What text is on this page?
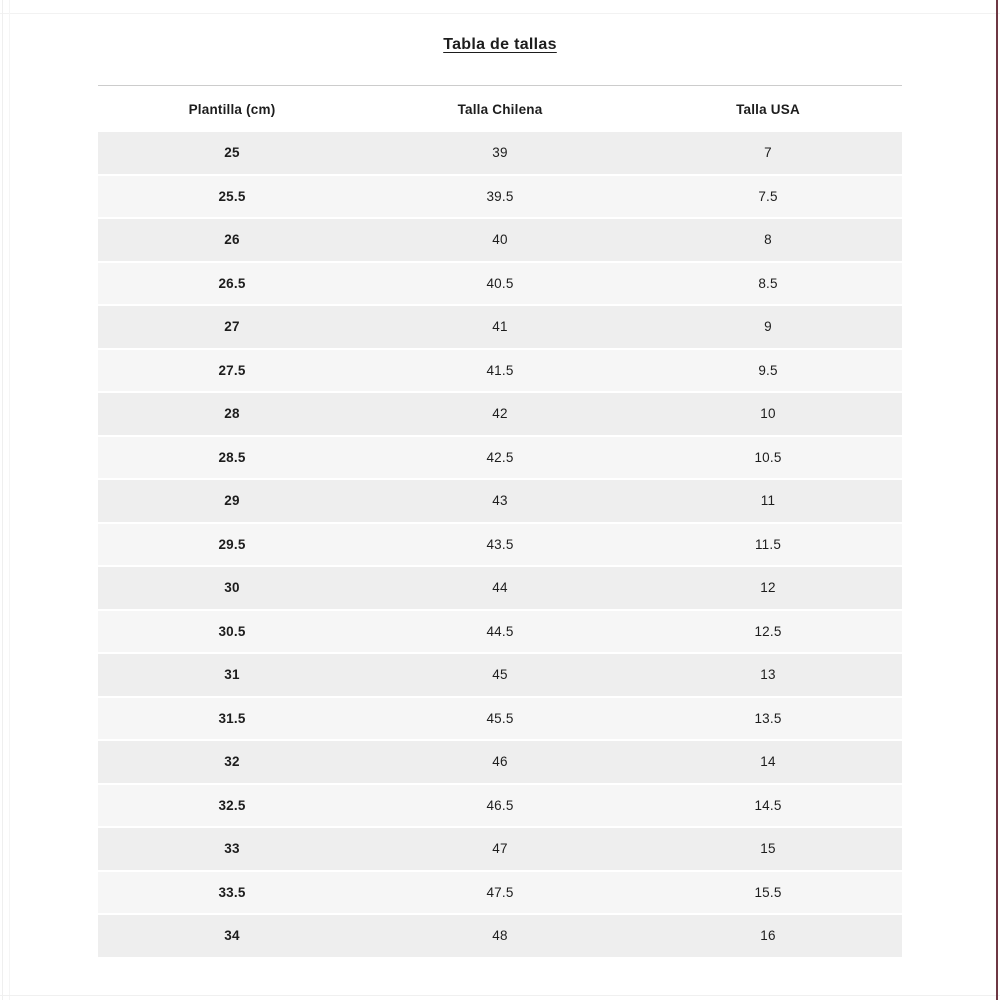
Tabla de tallas
Plantilla (cm)	Talla Chilena	Talla USA
25	39	7
25.5	39.5	7.5
26	40	8
26.5	40.5	8.5
27	41	9
27.5	41.5	9.5
28	42	10
28.5	42.5	10.5
29	43	11
29.5	43.5	11.5
30	44	12
30.5	44.5	12.5
31	45	13
31.5	45.5	13.5
32	46	14
32.5	46.5	14.5
33	47	15
33.5	47.5	15.5
34	48	16
